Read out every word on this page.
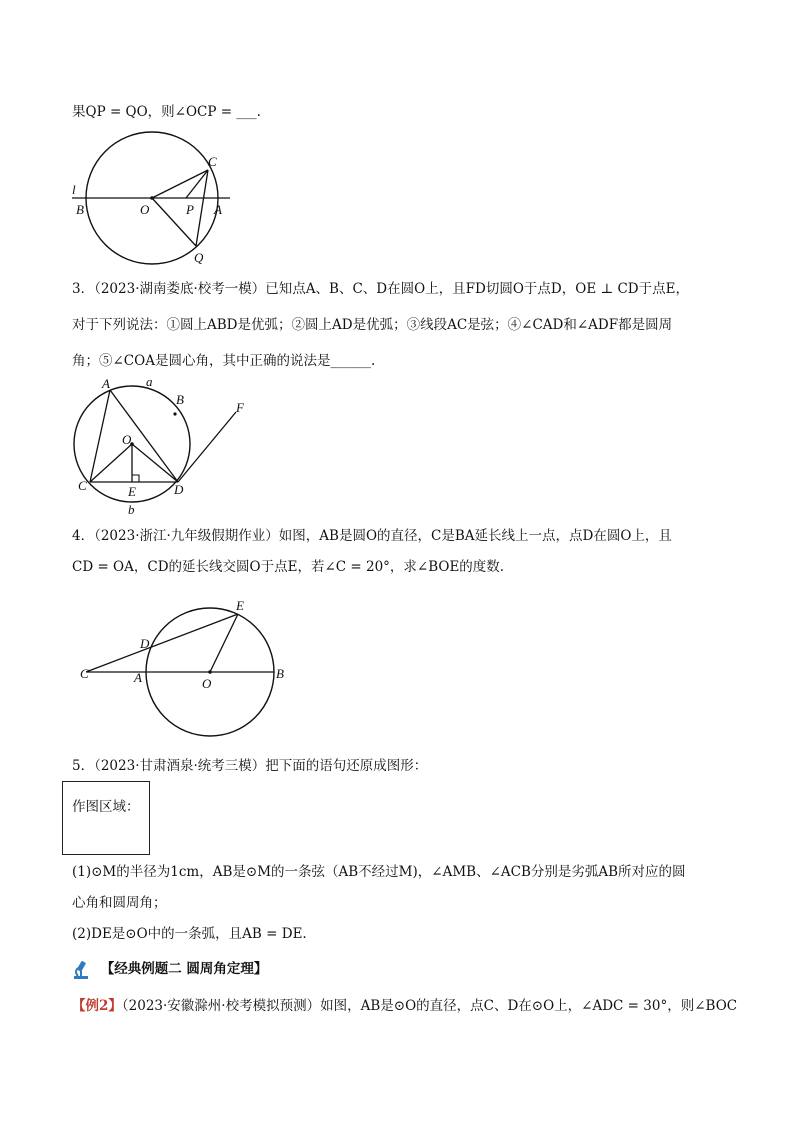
果QP = QO，则∠OCP = ___.
C
l
B	O	P A
Q
3．（2023·湖南娄底·校考一模）已知点A、B、C、D在圆O上，且FD切圆O于点D，OE ⊥ CD于点E，
对于下列说法：①圆上ABD是优弧；②圆上AD是优弧；③线段AC是弦；④∠CAD和∠ADF都是圆周
角；⑤∠COA是圆心角，其中正确的说法是______.
A	a
B
F
O
C	E	D
b
4．（2023·浙江·九年级假期作业）如图，AB是圆O的直径，C是BA延长线上一点，点D在圆O上，且
CD = OA，CD的延长线交圆O于点E，若∠C = 20°，求∠BOE的度数.
E
D
C	A	O
B
5．（2023·甘肃酒泉·统考三模）把下面的语句还原成图形：
作图区域：
(1)⊙M的半径为1cm，AB是⊙M的一条弦（AB不经过M)，∠AMB、∠ACB分别是劣弧AB所对应的圆
心角和圆周角；
(2)DE是⊙O中的一条弧，且AB = DE.
【经典例题二 圆周角定理】
【例2】（2023·安徽滁州·校考模拟预测）如图，AB是⊙O的直径，点C、D在⊙O上，∠ADC = 30°，则∠BOC
